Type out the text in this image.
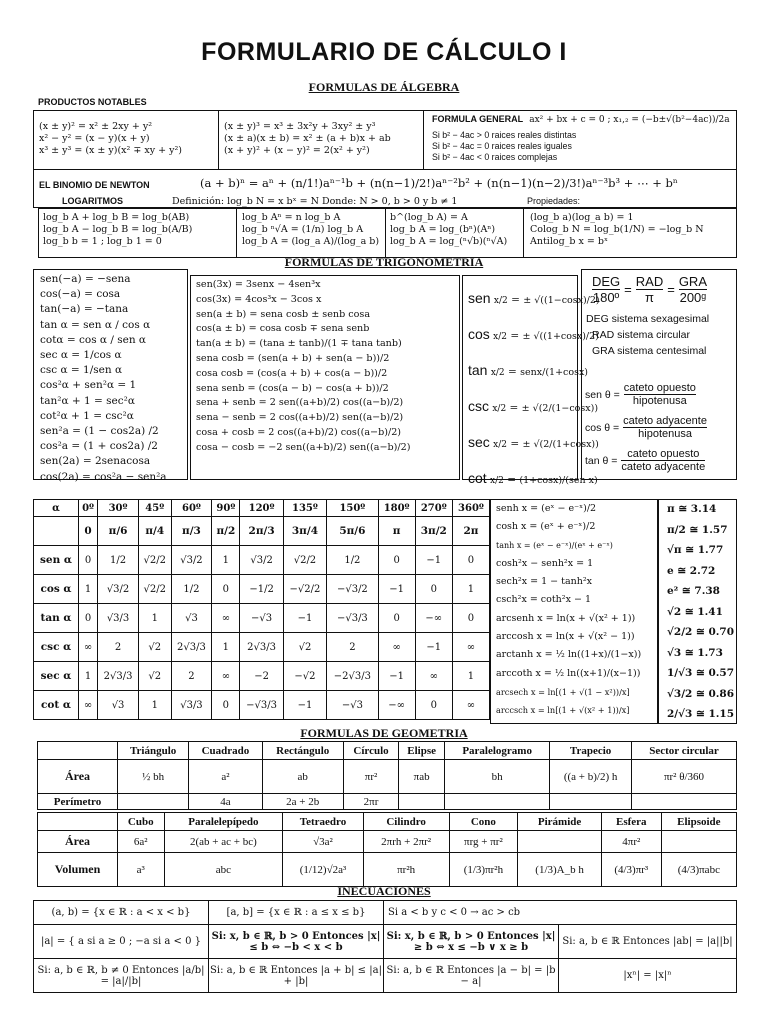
FORMULARIO DE CÁLCULO I
FORMULAS DE ÁLGEBRA
PRODUCTOS NOTABLES
(x ± y)² = x² ± 2xy + y²
x² − y² = (x − y)(x + y)
x³ ± y³ = (x ± y)(x² ∓ xy + y²)
(x ± y)³ = x³ ± 3x²y + 3xy² ± y³
(x ± a)(x ± b) = x² ± (a + b)x + ab
(x + y)² + (x − y)² = 2(x² + y²)
FORMULA GENERAL ax² + bx + c = 0 ; x₁,₂ = (−b±√(b²−4ac))/2a
Si b² − 4ac > 0 raices reales distintas
Si b² − 4ac = 0 raices reales iguales
Si b² − 4ac < 0 raices complejas
EL BINOMIO DE NEWTON	(a + b)ⁿ = aⁿ + (n/1!)aⁿ⁻¹b + (n(n−1)/2!)aⁿ⁻²b² + (n(n−1)(n−2)/3!)aⁿ⁻³b³ + ⋯ + bⁿ
LOGARITMOS	Definición: log_b N = x bˣ = N Donde: N > 0, b > 0 y b ≠ 1	Propiedades:
log_b A + log_b B = log_b(AB)
log_b A − log_b B = log_b(A/B)
log_b b = 1 ; log_b 1 = 0
log_b Aⁿ = n log_b A
log_b ⁿ√A = (1/n) log_b A
log_b A = (log_a A)/(log_a b)
b^(log_b A) = A
log_b A = log_(bⁿ)(Aⁿ)
log_b A = log_(ⁿ√b)(ⁿ√A)
(log_b a)(log_a b) = 1
Colog_b N = log_b(1/N) = −log_b N
Antilog_b x = bˣ
FORMULAS DE TRIGONOMETRIA
sen(−a) = −sena
cos(−a) = cosa
tan(−a) = −tana
tan α = sen α / cos α
cotα = cos α / sen α
sec α = 1/cos α
csc α = 1/sen α
cos²α + sen²α = 1
tan²α + 1 = sec²α
cot²α + 1 = csc²α
sen²a = (1 − cos2a) /2
cos²a = (1 + cos2a) /2
sen(2a) = 2senacosa
cos(2a) = cos²a − sen²a
sen(3x) = 3senx − 4sen³x
cos(3x) = 4cos³x − 3cos x
sen(a ± b) = sena cosb ± senb cosa
cos(a ± b) = cosa cosb ∓ sena senb
tan(a ± b) = (tana ± tanb)/(1 ∓ tana tanb)
sena cosb = (sen(a + b) + sen(a − b))/2
cosa cosb = (cos(a + b) + cos(a − b))/2
sena senb = (cos(a − b) − cos(a + b))/2
sena + senb = 2 sen((a+b)/2) cos((a−b)/2)
sena − senb = 2 cos((a+b)/2) sen((a−b)/2)
cosa + cosb = 2 cos((a+b)/2) cos((a−b)/2)
cosa − cosb = −2 sen((a+b)/2) sen((a−b)/2)
sen x/2 = ± √((1−cosx)/2)
cos x/2 = ± √((1+cosx)/2)
tan x/2 = senx/(1+cosx)
csc x/2 = ± √(2/(1−cosx))
sec x/2 = ± √(2/(1+cosx))
cot x/2 = (1+cosx)/(sen x)
DEG
180º
=
RAD
π
=
GRA
200ᵍ
DEG sistema sexagesimal
RAD sistema circular
GRA sistema centesimal
sen θ =
cateto opuesto
hipotenusa
cos θ =
cateto adyacente
hipotenusa
tan θ =
cateto opuesto
cateto adyacente
α	0º	30º	45º	60º	90º	120º	135º	150º	180º	270º	360º
	0	π/6	π/4	π/3	π/2	2π/3	3π/4	5π/6	π	3π/2	2π
sen α	0	1/2	√2/2	√3/2	1	√3/2	√2/2	1/2	0	−1	0
cos α	1	√3/2	√2/2	1/2	0	−1/2	−√2/2	−√3/2	−1	0	1
tan α	0	√3/3	1	√3	∞	−√3	−1	−√3/3	0	−∞	0
csc α	∞	2	√2	2√3/3	1	2√3/3	√2	2	∞	−1	∞
sec α	1	2√3/3	√2	2	∞	−2	−√2	−2√3/3	−1	∞	1
cot α	∞	√3	1	√3/3	0	−√3/3	−1	−√3	−∞	0	∞
senh x = (eˣ − e⁻ˣ)/2
cosh x = (eˣ + e⁻ˣ)/2
tanh x = (eˣ − e⁻ˣ)/(eˣ + e⁻ˣ)
cosh²x − senh²x = 1
sech²x = 1 − tanh²x
csch²x = coth²x − 1
arcsenh x = ln(x + √(x² + 1))
arccosh x = ln(x + √(x² − 1))
arctanh x = ½ ln((1+x)/(1−x))
arccoth x = ½ ln((x+1)/(x−1))
arcsech x = ln[(1 + √(1 − x²))/x]
arccsch x = ln[(1 + √(x² + 1))/x]
π ≅ 3.14
π/2 ≅ 1.57
√π ≅ 1.77
e ≅ 2.72
e² ≅ 7.38
√2 ≅ 1.41
√2/2 ≅ 0.70
√3 ≅ 1.73
1/√3 ≅ 0.57
√3/2 ≅ 0.86
2/√3 ≅ 1.15
FORMULAS DE GEOMETRIA
	Triángulo	Cuadrado	Rectángulo	Círculo	Elipse	Paralelogramo	Trapecio	Sector circular
Área	½ bh	a²	ab	πr²	πab	bh	((a + b)/2) h	πr² θ/360
Perímetro		4a	2a + 2b	2πr				
	Cubo	Paralelepípedo	Tetraedro	Cilindro	Cono	Pirámide	Esfera	Elipsoide
Área	6a²	2(ab + ac + bc)	√3a²	2πrh + 2πr²	πrg + πr²		4πr²	
Volumen	a³	abc	(1/12)√2a³	πr²h	(1/3)πr²h	(1/3)A_b h	(4/3)πr³	(4/3)πabc
INECUACIONES
(a, b) = {x ∈ ℝ : a < x < b}	[a, b] = {x ∈ ℝ : a ≤ x ≤ b}	Si a < b y c < 0 → ac > cb	
|a| = { a si a ≥ 0 ; −a si a < 0 }	Si: x, b ∈ ℝ, b > 0 Entonces |x| ≤ b ⇔ −b < x < b	Si: x, b ∈ ℝ, b > 0 Entonces |x| ≥ b ⇔ x ≤ −b ∨ x ≥ b	Si: a, b ∈ ℝ Entonces |ab| = |a||b|
Si: a, b ∈ ℝ, b ≠ 0 Entonces |a/b| = |a|/|b|	Si: a, b ∈ ℝ Entonces |a + b| ≤ |a| + |b|	Si: a, b ∈ ℝ Entonces |a − b| = |b − a|	|xⁿ| = |x|ⁿ
